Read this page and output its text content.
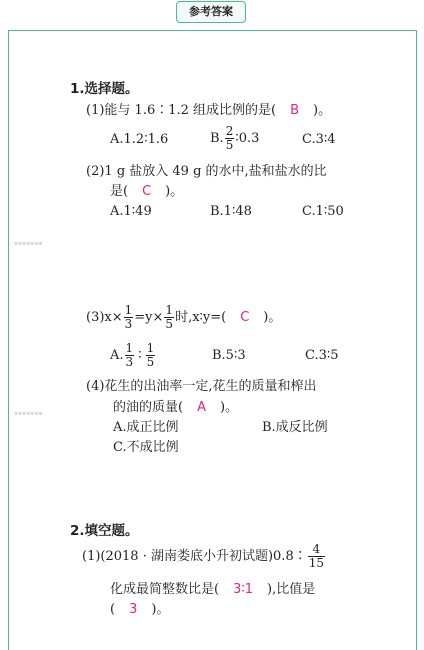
参考答案
1.选择题。
(1)能与 1.6∶1.2 组成比例的是( B )。
A.1.2∶1.6	B. $\frac{2}{5}$ ∶0.3	C.3∶4
(2)1 g 盐放入 49 g 的水中,盐和盐水的比
是( C )。
A.1∶49	B.1∶48	C.1∶50
▪▪▪▪▪▪▪
▪▪▪▪▪▪▪
$(3)x\times \frac{1}{3} =y\times \frac{1}{5}$ 时,x∶y=( C )。
A. $\frac{1}{3}$ ∶ $\frac{1}{5}$	B.5∶3	C.3∶5
(4)花生的出油率一定,花生的质量和榨出
的油的质量( A )。
A.成正比例	B.成反比例
C.不成比例
2.填空题。
(1)(2018 · 湖南娄底小升初试题)0.8∶ $\frac{4}{15}$
化成最简整数比是( 3∶1 ),比值是
( 3 )。
